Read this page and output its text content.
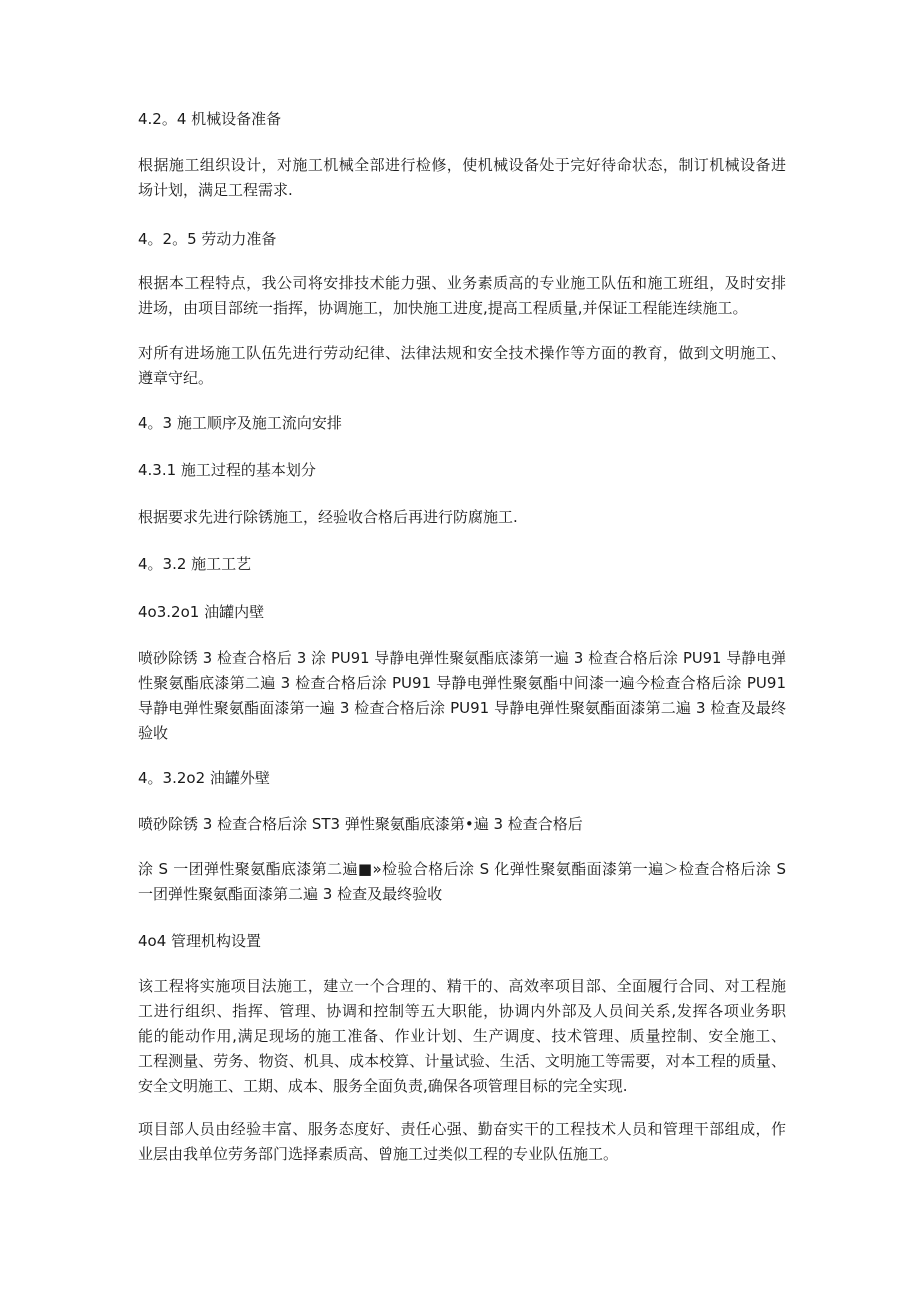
4.2。4 机械设备准备

根据施工组织设计，对施工机械全部进行检修，使机械设备处于完好待命状态，制订机械设备进
场计划，满足工程需求.

4。2。5 劳动力准备

根据本工程特点，我公司将安排技术能力强、业务素质高的专业施工队伍和施工班组，及时安排
进场，由项目部统一指挥，协调施工，加快施工进度,提高工程质量,并保证工程能连续施工。

对所有进场施工队伍先进行劳动纪律、法律法规和安全技术操作等方面的教育，做到文明施工、
遵章守纪。

4。3 施工顺序及施工流向安排

4.3.1 施工过程的基本划分

根据要求先进行除锈施工，经验收合格后再进行防腐施工.

4。3.2 施工工艺

4o3.2o1 油罐内壁

喷砂除锈 3 检查合格后 3 涂 PU91 导静电弹性聚氨酯底漆第一遍 3 检查合格后涂 PU91 导静电弹
性聚氨酯底漆第二遍 3 检查合格后涂 PU91 导静电弹性聚氨酯中间漆一遍今检查合格后涂 PU91
导静电弹性聚氨酯面漆第一遍 3 检查合格后涂 PU91 导静电弹性聚氨酯面漆第二遍 3 检查及最终
验收

4。3.2o2 油罐外壁

喷砂除锈 3 检查合格后涂 ST3 弹性聚氨酯底漆第•遍 3 检查合格后

涂 S 一团弹性聚氨酯底漆第二遍■»检验合格后涂 S 化弹性聚氨酯面漆第一遍＞检查合格后涂 S
一团弹性聚氨酯面漆第二遍 3 检查及最终验收

4o4 管理机构设置

该工程将实施项目法施工，建立一个合理的、精干的、高效率项目部、全面履行合同、对工程施
工进行组织、指挥、管理、协调和控制等五大职能，协调内外部及人员间关系,发挥各项业务职
能的能动作用,满足现场的施工准备、作业计划、生产调度、技术管理、质量控制、安全施工、
工程测量、劳务、物资、机具、成本校算、计量试验、生活、文明施工等需要，对本工程的质量、
安全文明施工、工期、成本、服务全面负责,确保各项管理目标的完全实现.

项目部人员由经验丰富、服务态度好、责任心强、勤奋实干的工程技术人员和管理干部组成，作
业层由我单位劳务部门选择素质高、曾施工过类似工程的专业队伍施工。
